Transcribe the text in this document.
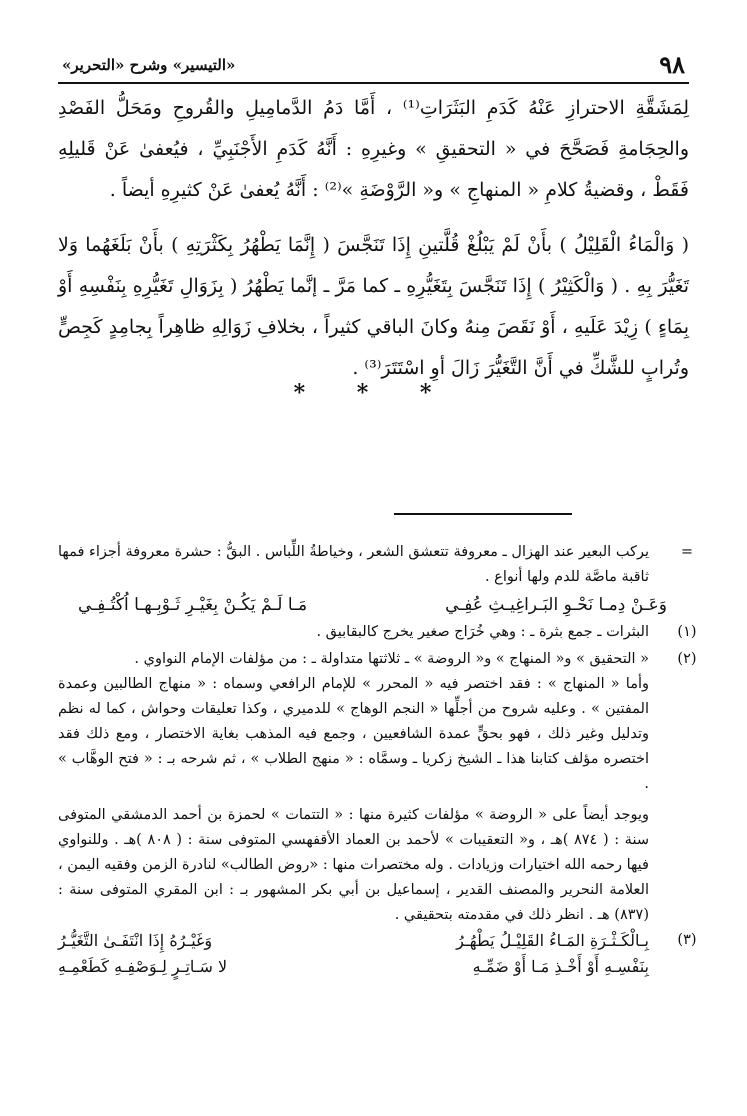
٩٨
«التيسير» وشرح «التحرير»

لِمَشَقَّةِ الاحترازِ عَنْهُ كَدَمِ البَثَرَاتِ⁽¹⁾ ، أَمَّا دَمُ الدَّمامِيلِ والقُروحِ ومَحَلُّ الفَصْدِ والحِجَامةِ فَصَحَّحَ في « التحقيقِ » وغيرِهِ : أَنَّهُ كَدَمِ الأَجْنَبِيِّ ، فيُعفىٰ عَنْ قَليلِهِ فَقَطْ ، وقضيةُ كلامِ « المنهاجِ » و« الرَّوْضَةِ »⁽²⁾ : أَنَّهُ يُعفىٰ عَنْ كثيرِهِ أيضاً .

( وَالْمَاءُ الْقَلِيْلُ ) بأَنْ لَمْ يَبْلُغْ قُلَّتينِ إِذَا تَنَجَّسَ ( إِنَّمَا يَطْهُرُ بِكَثْرَتِهِ ) بأَنْ بَلَغَهُما وَلا تَغَيُّرَ بِهِ . ( وَالْكَثِيْرُ ) إِذَا تَنَجَّسَ بِتَغَيُّرِهِ ـ كما مَرَّ ـ إنَّما يَطْهُرُ ( بِزَوَالِ تَغَيُّرِهِ بِنَفْسِهِ أَوْ بِمَاءٍ ) زِيْدَ عَلَيهِ ، أَوْ نَقَصَ مِنهُ وكانَ الباقي كثيراً ، بخلافِ زَوَالِهِ ظاهِراً بِجامِدٍ كَجِصٍّ وتُرابٍ للشَّكِّ في أَنَّ التَّغَيُّرَ زَالَ أوِ اسْتَتَرَ⁽³⁾ .

* * *
=
يركب البعير عند الهزال ـ معروفة تتعشق الشعر ، وخياطةُ اللِّباس . البقُّ : حشرة معروفة أجزاء فمها ثاقبة ماصَّة للدم ولها أنواع .
وَعَـنْ دِمـا نَحْـوِ البَـراغِيـثِ عُفِـي
مَـا لَـمْ يَكُـنْ بِغَيْـرِ ثَـوْبِـهـا اُكْتُـفِـي
(١)
البثرات ـ جمع بثرة ـ : وهي خُرَاج صغير يخرج كالبقابيق .
(٢)
« التحقيق » و« المنهاج » و« الروضة » ـ ثلاثتها متداولة ـ : من مؤلفات الإمام النواوي .
وأما « المنهاج » : فقد اختصر فيه « المحرر » للإمام الرافعي وسماه : « منهاج الطالبين وعمدة المفتين » . وعليه شروح من أجلِّها « النجم الوهاج » للدميري ، وكذا تعليقات وحواش ، كما له نظم وتدليل وغير ذلك ، فهو بحقٍّ عمدة الشافعيين ، وجمع فيه المذهب بغاية الاختصار ، ومع ذلك فقد اختصره مؤلف كتابنا هذا ـ الشيخ زكريا ـ وسمَّاه : « منهج الطلاب » ، ثم شرحه بـ : « فتح الوهَّاب » .
ويوجد أيضاً على « الروضة » مؤلفات كثيرة منها : « التتمات » لحمزة بن أحمد الدمشقي المتوفى سنة : ( ٨٧٤ )هـ ، و« التعقيبات » لأحمد بن العماد الأقفهسي المتوفى سنة : ( ٨٠٨ )هـ . وللنواوي فيها رحمه الله اختيارات وزيادات . وله مختصرات منها : «روض الطالب» لنادرة الزمن وفقيه اليمن ، العلامة النحرير والمصنف القدير ، إسماعيل بن أبي بكر المشهور بـ : ابن المقري المتوفى سنة : (٨٣٧) هـ . انظر ذلك في مقدمته بتحقيقي .
(٣)
بِـالْكَـثْـرَةِ المَـاءُ القَلِيْـلُ يَطْهُـرُ
وَغَيْـرُهُ إِذَا انْتَفَـىٰ التَّغَيُّـرُ
بِنَفْسِـهِ أَوْ أَخْـذِ مَـا أَوْ ضَمِّـهِ
لا سَـاتِـرٍ لِـوَصْفِـهِ كَطَعْمِـهِ
